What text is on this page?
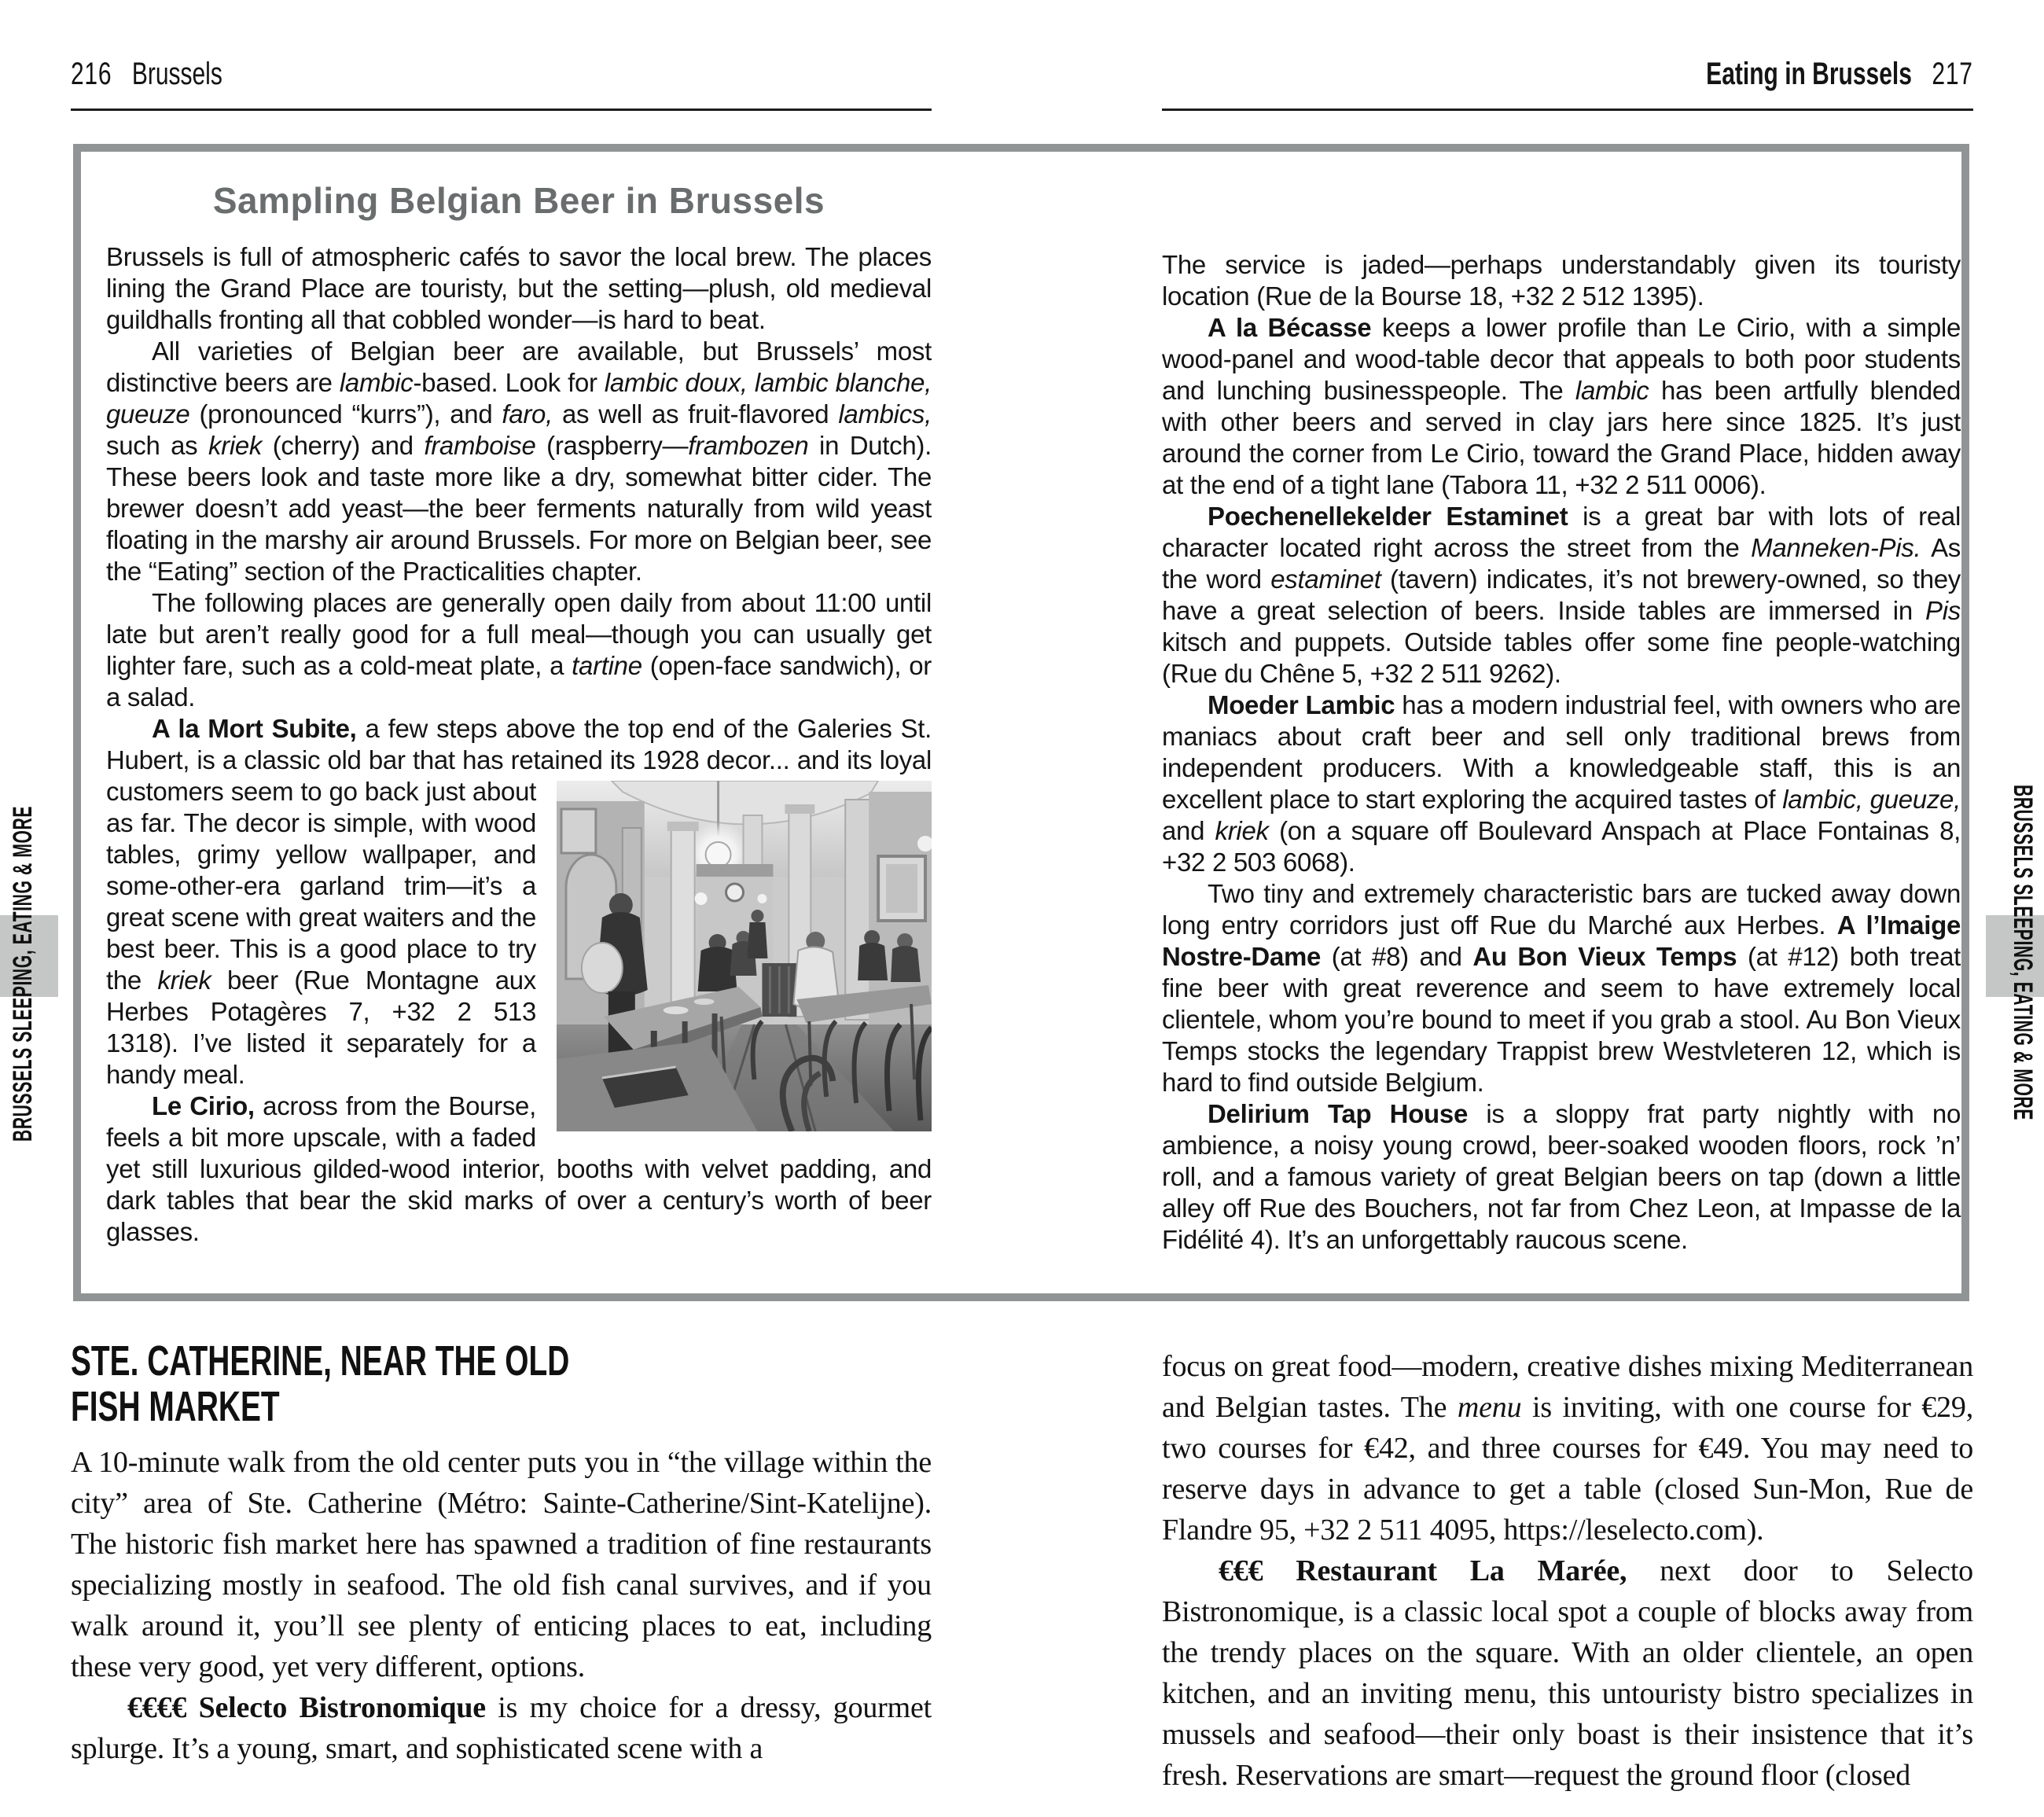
216 Brussels	Eating in Brussels 217
Sampling Belgian Beer in Brussels

Brussels is full of atmospheric cafés to savor the local brew. The places lining the Grand Place are touristy, but the setting—plush, old medieval guildhalls fronting all that cobbled wonder—is hard to beat.

All varieties of Belgian beer are available, but Brussels’ most distinctive beers are lambic-based. Look for lambic doux, lambic blanche, gueuze (pronounced “kurrs”), and faro, as well as fruit-flavored lambics, such as kriek (cherry) and framboise (raspberry—frambozen in Dutch). These beers look and taste more like a dry, somewhat bitter cider. The brewer doesn’t add yeast—the beer ferments naturally from wild yeast floating in the marshy air around Brussels. For more on Belgian beer, see the “Eating” section of the Practicalities chapter.

The following places are generally open daily from about 11:00 until late but aren’t really good for a full meal—though you can usually get lighter fare, such as a cold-meat plate, a tartine (open-face sandwich), or a salad.

A la Mort Subite, a few steps above the top end of the Galeries St. Hubert, is a classic old bar that has retained its 1928 decor...
and its loyal customers seem to go back just about as far. The decor is simple, with wood tables, grimy yellow wallpaper, and some-other-era garland trim—it’s a great scene with great waiters and the best beer. This is a good place to try the kriek beer (Rue Montagne aux Herbes Potagères 7, +32 2 513 1318). I’ve listed it separately for a handy meal.

Le Cirio, across from the Bourse, feels a bit more upscale, with a faded yet still luxurious gilded-wood interior, booths with velvet padding, and dark tables that bear the skid marks of over a century’s worth of beer glasses.

The service is jaded—perhaps understandably given its touristy location (Rue de la Bourse 18, +32 2 512 1395).

A la Bécasse keeps a lower profile than Le Cirio, with a simple wood-panel and wood-table decor that appeals to both poor students and lunching businesspeople. The lambic has been artfully blended with other beers and served in clay jars here since 1825. It’s just around the corner from Le Cirio, toward the Grand Place, hidden away at the end of a tight lane (Tabora 11, +32 2 511 0006).

Poechenellekelder Estaminet is a great bar with lots of real character located right across the street from the Manneken-Pis. As the word estaminet (tavern) indicates, it’s not brewery-owned, so they have a great selection of beers. Inside tables are immersed in Pis kitsch and puppets. Outside tables offer some fine people-watching (Rue du Chêne 5, +32 2 511 9262).

Moeder Lambic has a modern industrial feel, with owners who are maniacs about craft beer and sell only traditional brews from independent producers. With a knowledgeable staff, this is an excellent place to start exploring the acquired tastes of lambic, gueuze, and kriek (on a square off Boulevard Anspach at Place Fontainas 8, +32 2 503 6068).

Two tiny and extremely characteristic bars are tucked away down long entry corridors just off Rue du Marché aux Herbes. A l’Imaige Nostre-Dame (at #8) and Au Bon Vieux Temps (at #12) both treat fine beer with great reverence and seem to have extremely local clientele, whom you’re bound to meet if you grab a stool. Au Bon Vieux Temps stocks the legendary Trappist brew Westvleteren 12, which is hard to find outside Belgium.

Delirium Tap House is a sloppy frat party nightly with no ambience, a noisy young crowd, beer-soaked wooden floors, rock ’n’ roll, and a famous variety of great Belgian beers on tap (down a little alley off Rue des Bouchers, not far from Chez Leon, at Impasse de la Fidélité 4). It’s an unforgettably raucous scene.

STE. CATHERINE, NEAR THE OLD
FISH MARKET

A 10-minute walk from the old center puts you in “the village within the city” area of Ste. Catherine (Métro: Sainte-Catherine/Sint-Katelijne). The historic fish market here has spawned a tradition of fine restaurants specializing mostly in seafood. The old fish canal survives, and if you walk around it, you’ll see plenty of enticing places to eat, including these very good, yet very different, options.

€€€€ Selecto Bistronomique is my choice for a dressy, gourmet splurge. It’s a young, smart, and sophisticated scene with a

focus on great food—modern, creative dishes mixing Mediterranean and Belgian tastes. The menu is inviting, with one course for €29, two courses for €42, and three courses for €49. You may need to reserve days in advance to get a table (closed Sun-Mon, Rue de Flandre 95, +32 2 511 4095, https://leselecto.com).

€€€ Restaurant La Marée, next door to Selecto Bistronomique, is a classic local spot a couple of blocks away from the trendy places on the square. With an older clientele, an open kitchen, and an inviting menu, this untouristy bistro specializes in mussels and seafood—their only boast is their insistence that it’s fresh. Reservations are smart—request the ground floor (closed

BRUSSELS SLEEPING, EATING & MORE	BRUSSELS SLEEPING, EATING & MORE
